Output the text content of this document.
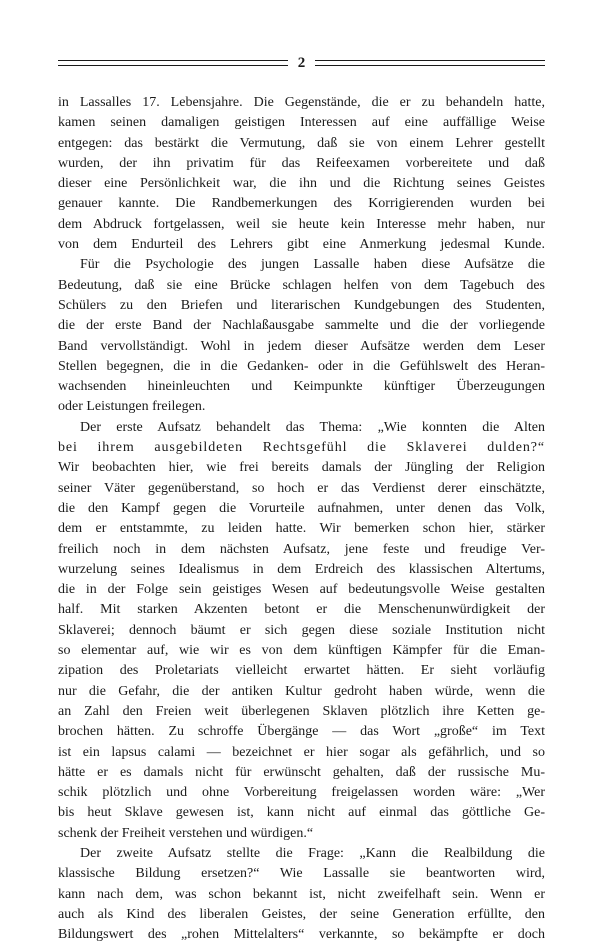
2
in Lassalles 17. Lebensjahre. Die Gegenstände, die er zu behandeln hatte,
kamen seinen damaligen geistigen Interessen auf eine auffällige Weise
entgegen: das bestärkt die Vermutung, daß sie von einem Lehrer gestellt
wurden, der ihn privatim für das Reifeexamen vorbereitete und daß
dieser eine Persönlichkeit war, die ihn und die Richtung seines Geistes
genauer kannte. Die Randbemerkungen des Korrigierenden wurden bei
dem Abdruck fortgelassen, weil sie heute kein Interesse mehr haben, nur
von dem Endurteil des Lehrers gibt eine Anmerkung jedesmal Kunde.
Für die Psychologie des jungen Lassalle haben diese Aufsätze die
Bedeutung, daß sie eine Brücke schlagen helfen von dem Tagebuch des
Schülers zu den Briefen und literarischen Kundgebungen des Studenten,
die der erste Band der Nachlaßausgabe sammelte und die der vorliegende
Band vervollständigt. Wohl in jedem dieser Aufsätze werden dem Leser
Stellen begegnen, die in die Gedanken- oder in die Gefühlswelt des Heran-
wachsenden hineinleuchten und Keimpunkte künftiger Überzeugungen
oder Leistungen freilegen.
Der erste Aufsatz behandelt das Thema: „Wie konnten die Alten
bei ihrem ausgebildeten Rechtsgefühl die Sklaverei dulden?“
Wir beobachten hier, wie frei bereits damals der Jüngling der Religion
seiner Väter gegenüberstand, so hoch er das Verdienst derer einschätzte,
die den Kampf gegen die Vorurteile aufnahmen, unter denen das Volk,
dem er entstammte, zu leiden hatte. Wir bemerken schon hier, stärker
freilich noch in dem nächsten Aufsatz, jene feste und freudige Ver-
wurzelung seines Idealismus in dem Erdreich des klassischen Altertums,
die in der Folge sein geistiges Wesen auf bedeutungsvolle Weise gestalten
half. Mit starken Akzenten betont er die Menschenunwürdigkeit der
Sklaverei; dennoch bäumt er sich gegen diese soziale Institution nicht
so elementar auf, wie wir es von dem künftigen Kämpfer für die Eman-
zipation des Proletariats vielleicht erwartet hätten. Er sieht vorläufig
nur die Gefahr, die der antiken Kultur gedroht haben würde, wenn die
an Zahl den Freien weit überlegenen Sklaven plötzlich ihre Ketten ge-
brochen hätten. Zu schroffe Übergänge — das Wort „große“ im Text
ist ein lapsus calami — bezeichnet er hier sogar als gefährlich, und so
hätte er es damals nicht für erwünscht gehalten, daß der russische Mu-
schik plötzlich und ohne Vorbereitung freigelassen worden wäre: „Wer
bis heut Sklave gewesen ist, kann nicht auf einmal das göttliche Ge-
schenk der Freiheit verstehen und würdigen.“
Der zweite Aufsatz stellte die Frage: „Kann die Realbildung die
klassische Bildung ersetzen?“ Wie Lassalle sie beantworten wird,
kann nach dem, was schon bekannt ist, nicht zweifelhaft sein. Wenn er
auch als Kind des liberalen Geistes, der seine Generation erfüllte, den
Bildungswert des „rohen Mittelalters“ verkannte, so bekämpfte er doch
